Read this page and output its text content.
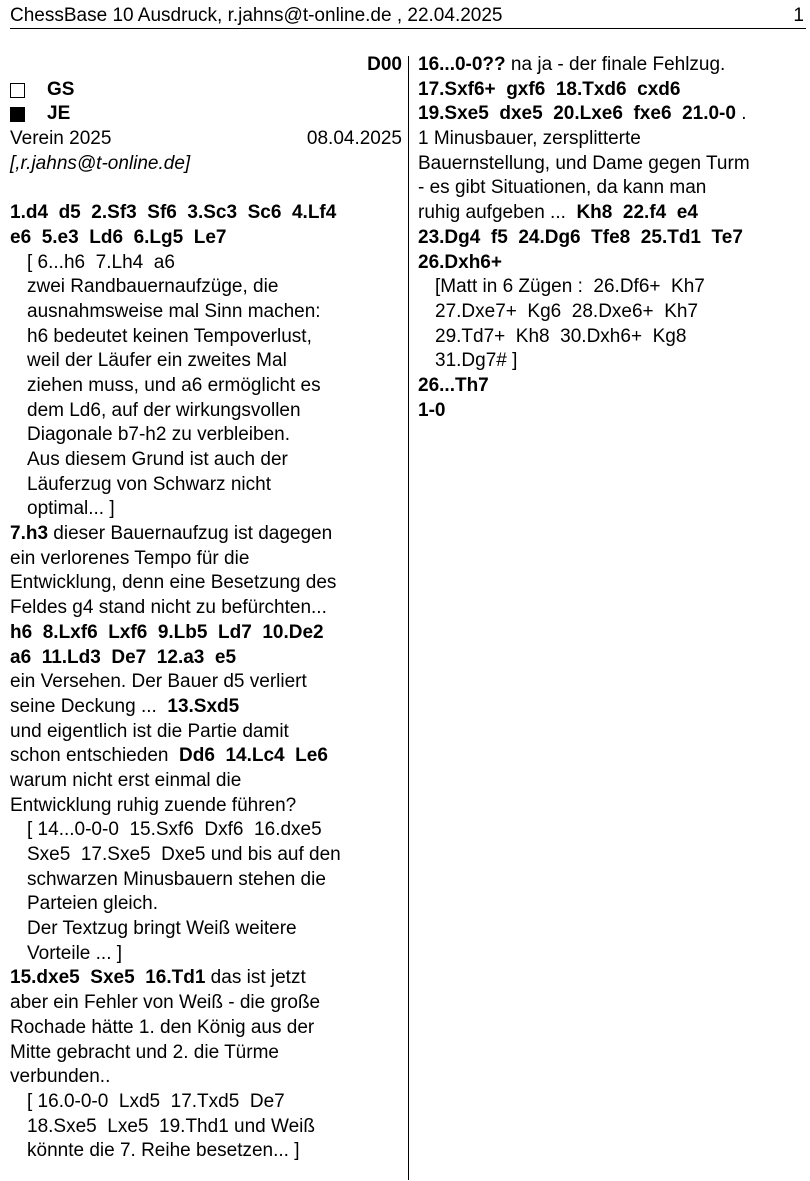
ChessBase 10 Ausdruck, r.jahns@t-online.de , 22.04.2025	1
D00
GS
JE
Verein 2025	08.04.2025
[,r.jahns@t-online.de]
1.d4  d5  2.Sf3  Sf6  3.Sc3  Sc6  4.Lf4
e6  5.e3  Ld6  6.Lg5  Le7
[ 6...h6  7.Lh4  a6
zwei Randbauernaufzüge, die
ausnahmsweise mal Sinn machen:
h6 bedeutet keinen Tempoverlust,
weil der Läufer ein zweites Mal
ziehen muss, und a6 ermöglicht es
dem Ld6, auf der wirkungsvollen
Diagonale b7-h2 zu verbleiben.
Aus diesem Grund ist auch der
Läuferzug von Schwarz nicht
optimal... ]
7.h3 dieser Bauernaufzug ist dagegen
ein verlorenes Tempo für die
Entwicklung, denn eine Besetzung des
Feldes g4 stand nicht zu befürchten...
h6  8.Lxf6  Lxf6  9.Lb5  Ld7  10.De2
a6  11.Ld3  De7  12.a3  e5
ein Versehen. Der Bauer d5 verliert
seine Deckung ...  13.Sxd5
und eigentlich ist die Partie damit
schon entschieden  Dd6  14.Lc4  Le6
warum nicht erst einmal die
Entwicklung ruhig zuende führen?
[ 14...0-0-0  15.Sxf6  Dxf6  16.dxe5
Sxe5  17.Sxe5  Dxe5 und bis auf den
schwarzen Minusbauern stehen die
Parteien gleich.
Der Textzug bringt Weiß weitere
Vorteile ... ]
15.dxe5  Sxe5  16.Td1 das ist jetzt
aber ein Fehler von Weiß - die große
Rochade hätte 1. den König aus der
Mitte gebracht und 2. die Türme
verbunden..
[ 16.0-0-0  Lxd5  17.Txd5  De7
18.Sxe5  Lxe5  19.Thd1 und Weiß
könnte die 7. Reihe besetzen... ]
16...0-0?? na ja - der finale Fehlzug.
17.Sxf6+  gxf6  18.Txd6  cxd6
19.Sxe5  dxe5  20.Lxe6  fxe6  21.0-0 .
1 Minusbauer, zersplitterte
Bauernstellung, und Dame gegen Turm
- es gibt Situationen, da kann man
ruhig aufgeben ...  Kh8  22.f4  e4
23.Dg4  f5  24.Dg6  Tfe8  25.Td1  Te7
26.Dxh6+
[Matt in 6 Zügen :  26.Df6+  Kh7
27.Dxe7+  Kg6  28.Dxe6+  Kh7
29.Td7+  Kh8  30.Dxh6+  Kg8
31.Dg7# ]
26...Th7
1-0
